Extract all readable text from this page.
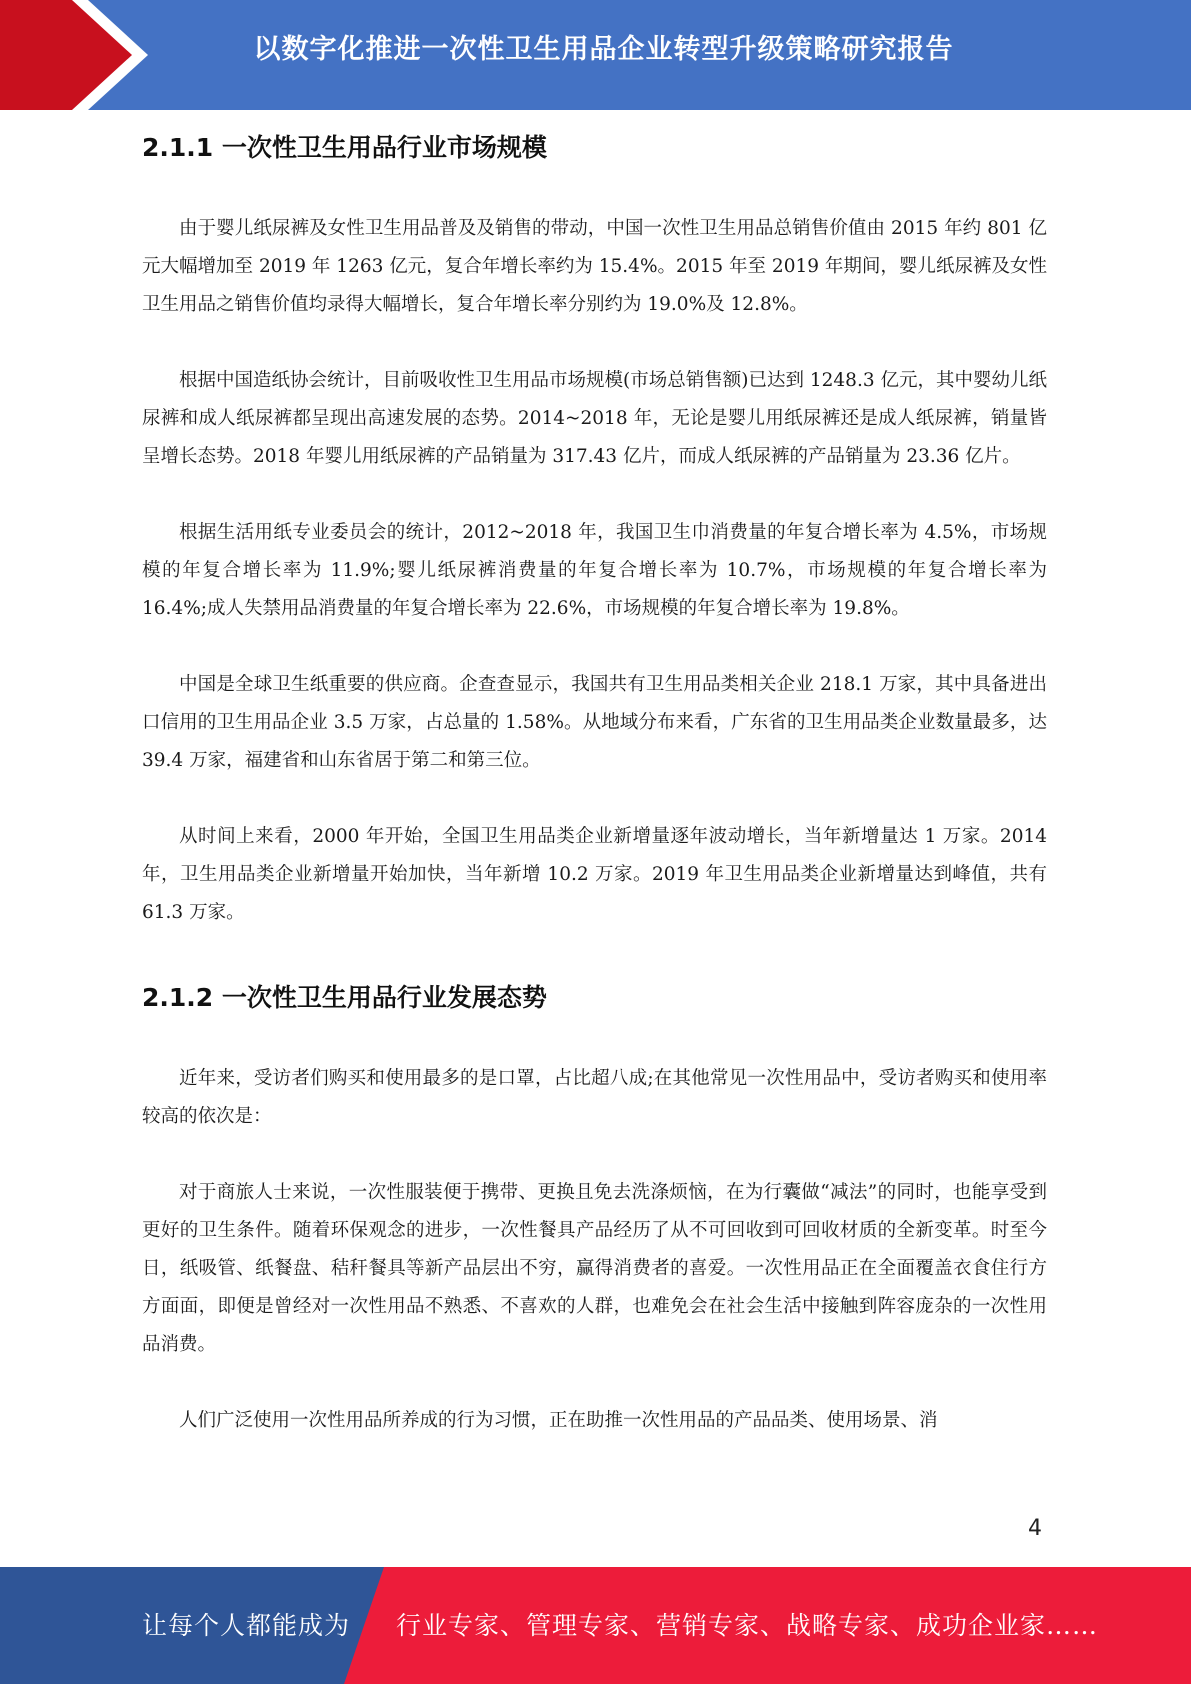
以数字化推进一次性卫生用品企业转型升级策略研究报告
2.1.1 一次性卫生用品行业市场规模

由于婴儿纸尿裤及女性卫生用品普及及销售的带动，中国一次性卫生用品总销售价值由 2015 年约 801 亿元大幅增加至 2019 年 1263 亿元，复合年增长率约为 15.4%。2015 年至 2019 年期间，婴儿纸尿裤及女性卫生用品之销售价值均录得大幅增长，复合年增长率分别约为 19.0%及 12.8%。

根据中国造纸协会统计，目前吸收性卫生用品市场规模(市场总销售额)已达到 1248.3 亿元，其中婴幼儿纸尿裤和成人纸尿裤都呈现出高速发展的态势。2014~2018 年，无论是婴儿用纸尿裤还是成人纸尿裤，销量皆呈增长态势。2018 年婴儿用纸尿裤的产品销量为 317.43 亿片，而成人纸尿裤的产品销量为 23.36 亿片。

根据生活用纸专业委员会的统计，2012~2018 年，我国卫生巾消费量的年复合增长率为 4.5%，市场规模的年复合增长率为 11.9%;婴儿纸尿裤消费量的年复合增长率为 10.7%，市场规模的年复合增长率为 16.4%;成人失禁用品消费量的年复合增长率为 22.6%，市场规模的年复合增长率为 19.8%。

中国是全球卫生纸重要的供应商。企查查显示，我国共有卫生用品类相关企业 218.1 万家，其中具备进出口信用的卫生用品企业 3.5 万家，占总量的 1.58%。从地域分布来看，广东省的卫生用品类企业数量最多，达 39.4 万家，福建省和山东省居于第二和第三位。

从时间上来看，2000 年开始，全国卫生用品类企业新增量逐年波动增长，当年新增量达 1 万家。2014 年，卫生用品类企业新增量开始加快，当年新增 10.2 万家。2019 年卫生用品类企业新增量达到峰值，共有 61.3 万家。

2.1.2 一次性卫生用品行业发展态势

近年来，受访者们购买和使用最多的是口罩，占比超八成;在其他常见一次性用品中，受访者购买和使用率较高的依次是：

对于商旅人士来说，一次性服装便于携带、更换且免去洗涤烦恼，在为行囊做“减法”的同时，也能享受到更好的卫生条件。随着环保观念的进步，一次性餐具产品经历了从不可回收到可回收材质的全新变革。时至今日，纸吸管、纸餐盘、秸秆餐具等新产品层出不穷，赢得消费者的喜爱。一次性用品正在全面覆盖衣食住行方方面面，即便是曾经对一次性用品不熟悉、不喜欢的人群，也难免会在社会生活中接触到阵容庞杂的一次性用品消费。

人们广泛使用一次性用品所养成的行为习惯，正在助推一次性用品的产品品类、使用场景、消

4
让每个人都能成为 行业专家、管理专家、营销专家、战略专家、成功企业家……
